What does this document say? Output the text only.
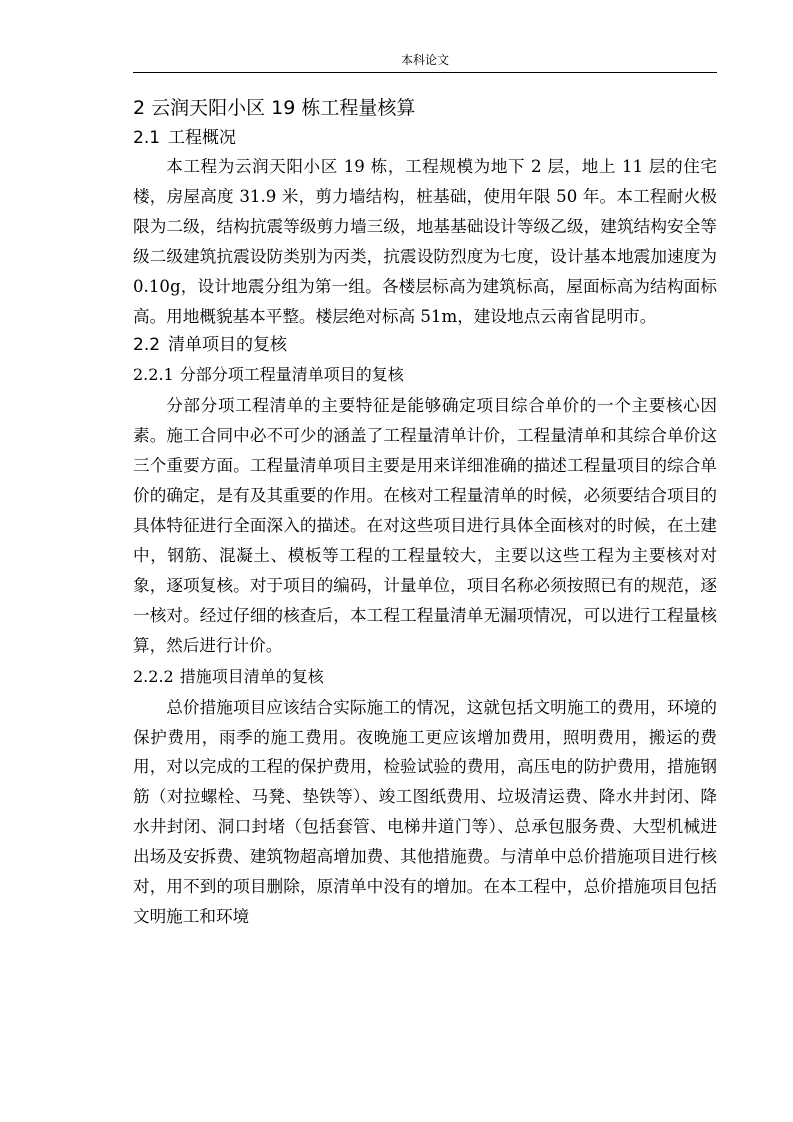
本科论文
2 云润天阳小区 19 栋工程量核算
2.1 工程概况

本工程为云润天阳小区 19 栋，工程规模为地下 2 层，地上 11 层的住宅楼，房屋高度 31.9 米，剪力墙结构，桩基础，使用年限 50 年。本工程耐火极限为二级，结构抗震等级剪力墙三级，地基基础设计等级乙级，建筑结构安全等级二级建筑抗震设防类别为丙类，抗震设防烈度为七度，设计基本地震加速度为 0.10g，设计地震分组为第一组。各楼层标高为建筑标高，屋面标高为结构面标高。用地概貌基本平整。楼层绝对标高 51m，建设地点云南省昆明市。

2.2 清单项目的复核
2.2.1 分部分项工程量清单项目的复核

分部分项工程清单的主要特征是能够确定项目综合单价的一个主要核心因素。施工合同中必不可少的涵盖了工程量清单计价，工程量清单和其综合单价这三个重要方面。工程量清单项目主要是用来详细准确的描述工程量项目的综合单价的确定，是有及其重要的作用。在核对工程量清单的时候，必须要结合项目的具体特征进行全面深入的描述。在对这些项目进行具体全面核对的时候，在土建中，钢筋、混凝土、模板等工程的工程量较大，主要以这些工程为主要核对对象，逐项复核。对于项目的编码，计量单位，项目名称必须按照已有的规范，逐一核对。经过仔细的核查后，本工程工程量清单无漏项情况，可以进行工程量核算，然后进行计价。

2.2.2 措施项目清单的复核

总价措施项目应该结合实际施工的情况，这就包括文明施工的费用，环境的保护费用，雨季的施工费用。夜晚施工更应该增加费用，照明费用，搬运的费用，对以完成的工程的保护费用，检验试验的费用，高压电的防护费用，措施钢筋（对拉螺栓、马凳、垫铁等）、竣工图纸费用、垃圾清运费、降水井封闭、降水井封闭、洞口封堵（包括套管、电梯井道门等）、总承包服务费、大型机械进出场及安拆费、建筑物超高增加费、其他措施费。与清单中总价措施项目进行核对，用不到的项目删除，原清单中没有的增加。在本工程中，总价措施项目包括文明施工和环境
